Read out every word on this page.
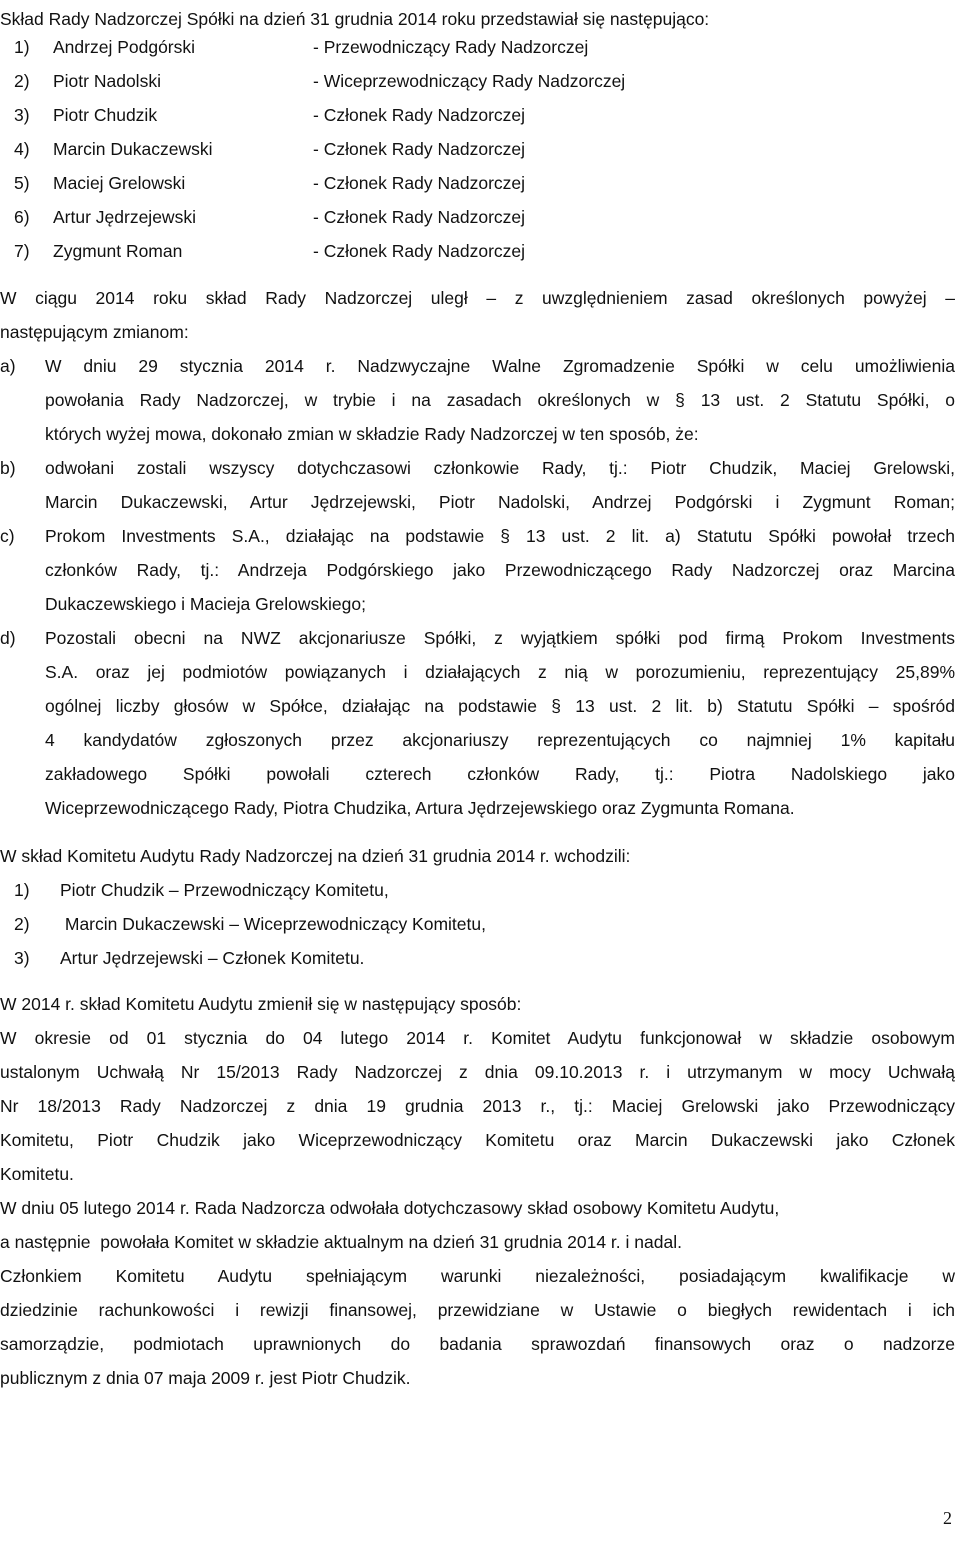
Skład Rady Nadzorczej Spółki na dzień 31 grudnia 2014 roku przedstawiał się następująco:
1) Andrzej Podgórski	- Przewodniczący Rady Nadzorczej
2) Piotr Nadolski	- Wiceprzewodniczący Rady Nadzorczej
3) Piotr Chudzik	- Członek Rady Nadzorczej
4) Marcin Dukaczewski	- Członek Rady Nadzorczej
5) Maciej Grelowski	- Członek Rady Nadzorczej
6) Artur Jędrzejewski	- Członek Rady Nadzorczej
7) Zygmunt Roman	- Członek Rady Nadzorczej
W ciągu 2014 roku skład Rady Nadzorczej uległ – z uwzględnieniem zasad określonych powyżej –
następującym zmianom:
a) W dniu 29 stycznia 2014 r. Nadzwyczajne Walne Zgromadzenie Spółki w celu umożliwienia
powołania Rady Nadzorczej, w trybie i na zasadach określonych w § 13 ust. 2 Statutu Spółki, o
których wyżej mowa, dokonało zmian w składzie Rady Nadzorczej w ten sposób, że:
b) odwołani zostali wszyscy dotychczasowi członkowie Rady, tj.: Piotr Chudzik, Maciej Grelowski,
Marcin Dukaczewski, Artur Jędrzejewski, Piotr Nadolski, Andrzej Podgórski i Zygmunt Roman;
c) Prokom Investments S.A., działając na podstawie § 13 ust. 2 lit. a) Statutu Spółki powołał trzech
członków Rady, tj.: Andrzeja Podgórskiego jako Przewodniczącego Rady Nadzorczej oraz Marcina
Dukaczewskiego i Macieja Grelowskiego;
d) Pozostali obecni na NWZ akcjonariusze Spółki, z wyjątkiem spółki pod firmą Prokom Investments
S.A. oraz jej podmiotów powiązanych i działających z nią w porozumieniu, reprezentujący 25,89%
ogólnej liczby głosów w Spółce, działając na podstawie § 13 ust. 2 lit. b) Statutu Spółki – spośród
4 kandydatów zgłoszonych przez akcjonariuszy reprezentujących co najmniej 1% kapitału
zakładowego Spółki powołali czterech członków Rady, tj.: Piotra Nadolskiego jako
Wiceprzewodniczącego Rady, Piotra Chudzika, Artura Jędrzejewskiego oraz Zygmunta Romana.
W skład Komitetu Audytu Rady Nadzorczej na dzień 31 grudnia 2014 r. wchodzili:
1) Piotr Chudzik – Przewodniczący Komitetu,
2) Marcin Dukaczewski – Wiceprzewodniczący Komitetu,
3) Artur Jędrzejewski – Członek Komitetu.
W 2014 r. skład Komitetu Audytu zmienił się w następujący sposób:
W okresie od 01 stycznia do 04 lutego 2014 r. Komitet Audytu funkcjonował w składzie osobowym
ustalonym Uchwałą Nr 15/2013 Rady Nadzorczej z dnia 09.10.2013 r. i utrzymanym w mocy Uchwałą
Nr 18/2013 Rady Nadzorczej z dnia 19 grudnia 2013 r., tj.: Maciej Grelowski jako Przewodniczący
Komitetu, Piotr Chudzik jako Wiceprzewodniczący Komitetu oraz Marcin Dukaczewski jako Członek
Komitetu.
W dniu 05 lutego 2014 r. Rada Nadzorcza odwołała dotychczasowy skład osobowy Komitetu Audytu,
a następnie  powołała Komitet w składzie aktualnym na dzień 31 grudnia 2014 r. i nadal.
Członkiem Komitetu Audytu spełniającym warunki niezależności, posiadającym kwalifikacje w
dziedzinie rachunkowości i rewizji finansowej, przewidziane w Ustawie o biegłych rewidentach i ich
samorządzie, podmiotach uprawnionych do badania sprawozdań finansowych oraz o nadzorze
publicznym z dnia 07 maja 2009 r. jest Piotr Chudzik.
2
